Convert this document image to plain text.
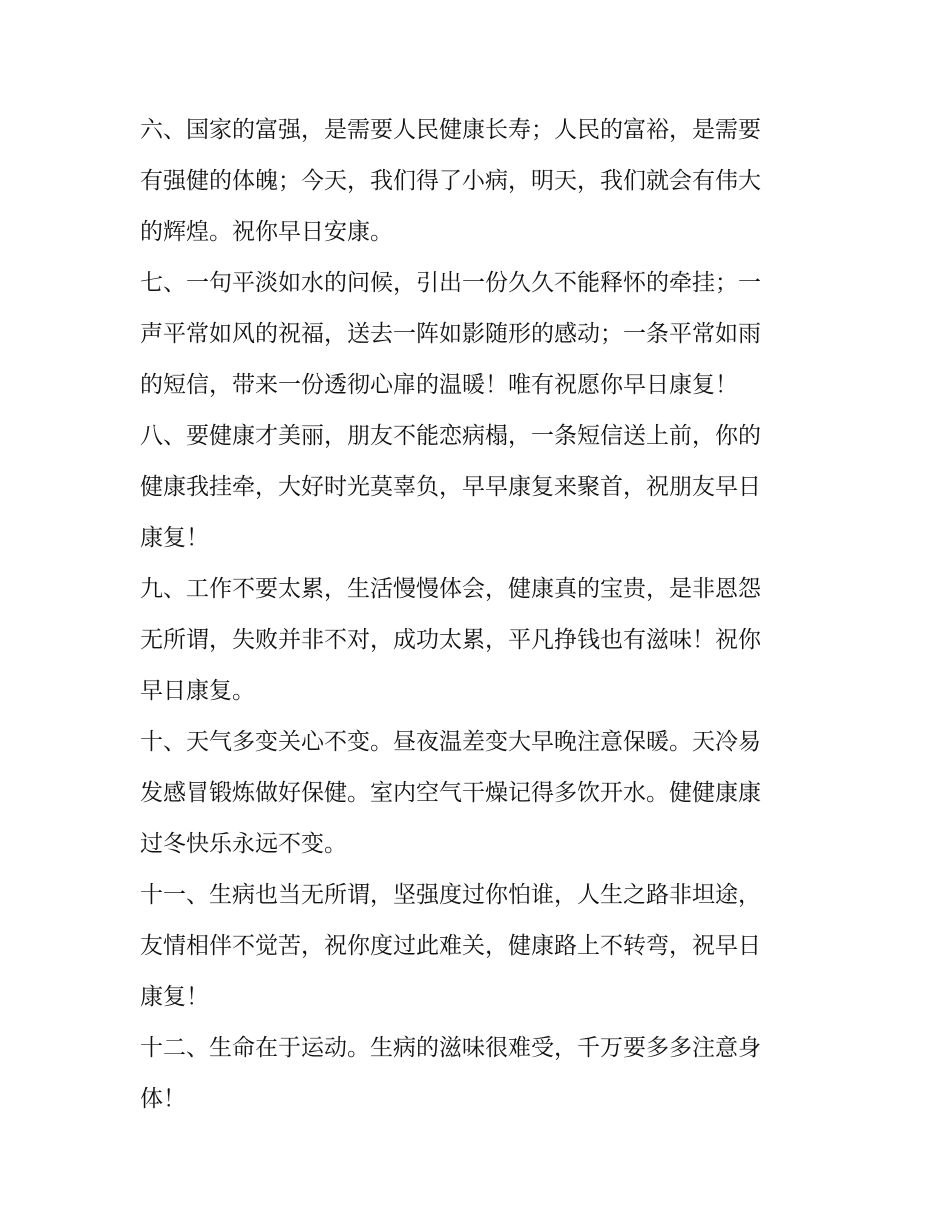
六、国家的富强，是需要人民健康长寿；人民的富裕，是需要
有强健的体魄；今天，我们得了小病，明天，我们就会有伟大
的辉煌。祝你早日安康。

七、一句平淡如水的问候，引出一份久久不能释怀的牵挂；一
声平常如风的祝福，送去一阵如影随形的感动；一条平常如雨
的短信，带来一份透彻心扉的温暖！唯有祝愿你早日康复！

八、要健康才美丽，朋友不能恋病榻，一条短信送上前，你的
健康我挂牵，大好时光莫辜负，早早康复来聚首，祝朋友早日
康复！

九、工作不要太累，生活慢慢体会，健康真的宝贵，是非恩怨
无所谓，失败并非不对，成功太累，平凡挣钱也有滋味！祝你
早日康复。

十、天气多变关心不变。昼夜温差变大早晚注意保暖。天冷易
发感冒锻炼做好保健。室内空气干燥记得多饮开水。健健康康
过冬快乐永远不变。

十一、生病也当无所谓，坚强度过你怕谁，人生之路非坦途，
友情相伴不觉苦，祝你度过此难关，健康路上不转弯，祝早日
康复！

十二、生命在于运动。生病的滋味很难受，千万要多多注意身
体！
